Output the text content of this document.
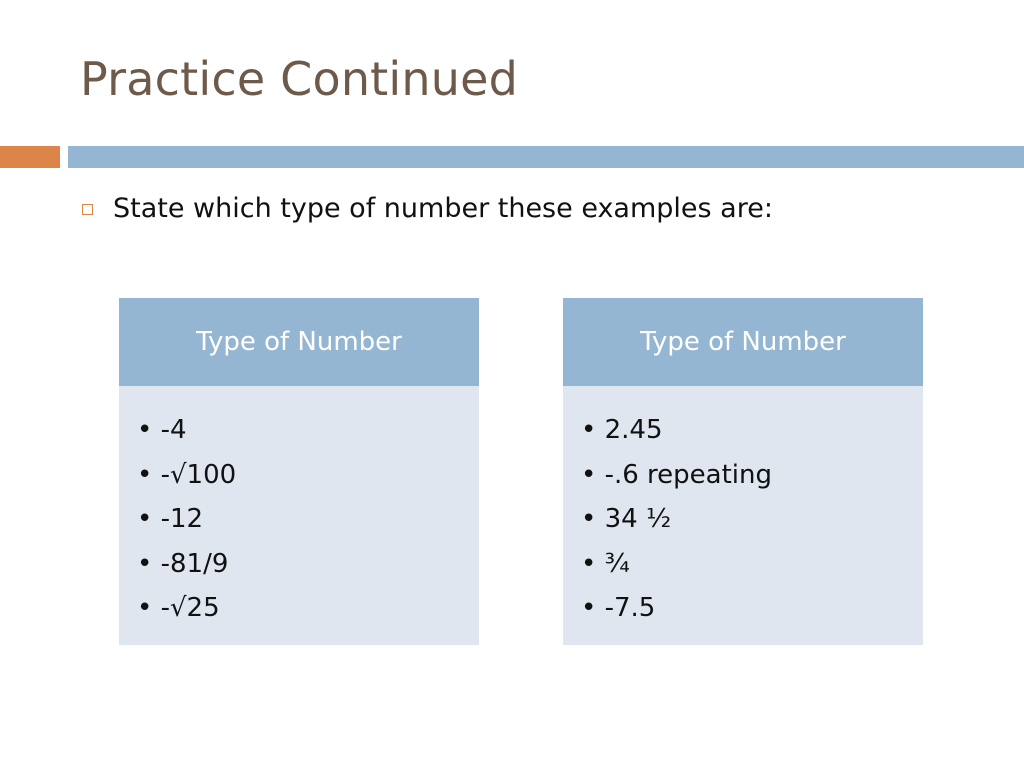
Practice Continued
State which type of number these examples are:
Type of Number
• -4
• -√100
• -12
• -81/9
• -√25
Type of Number
• 2.45
• -.6 repeating
• 34 ½
• ¾
• -7.5
